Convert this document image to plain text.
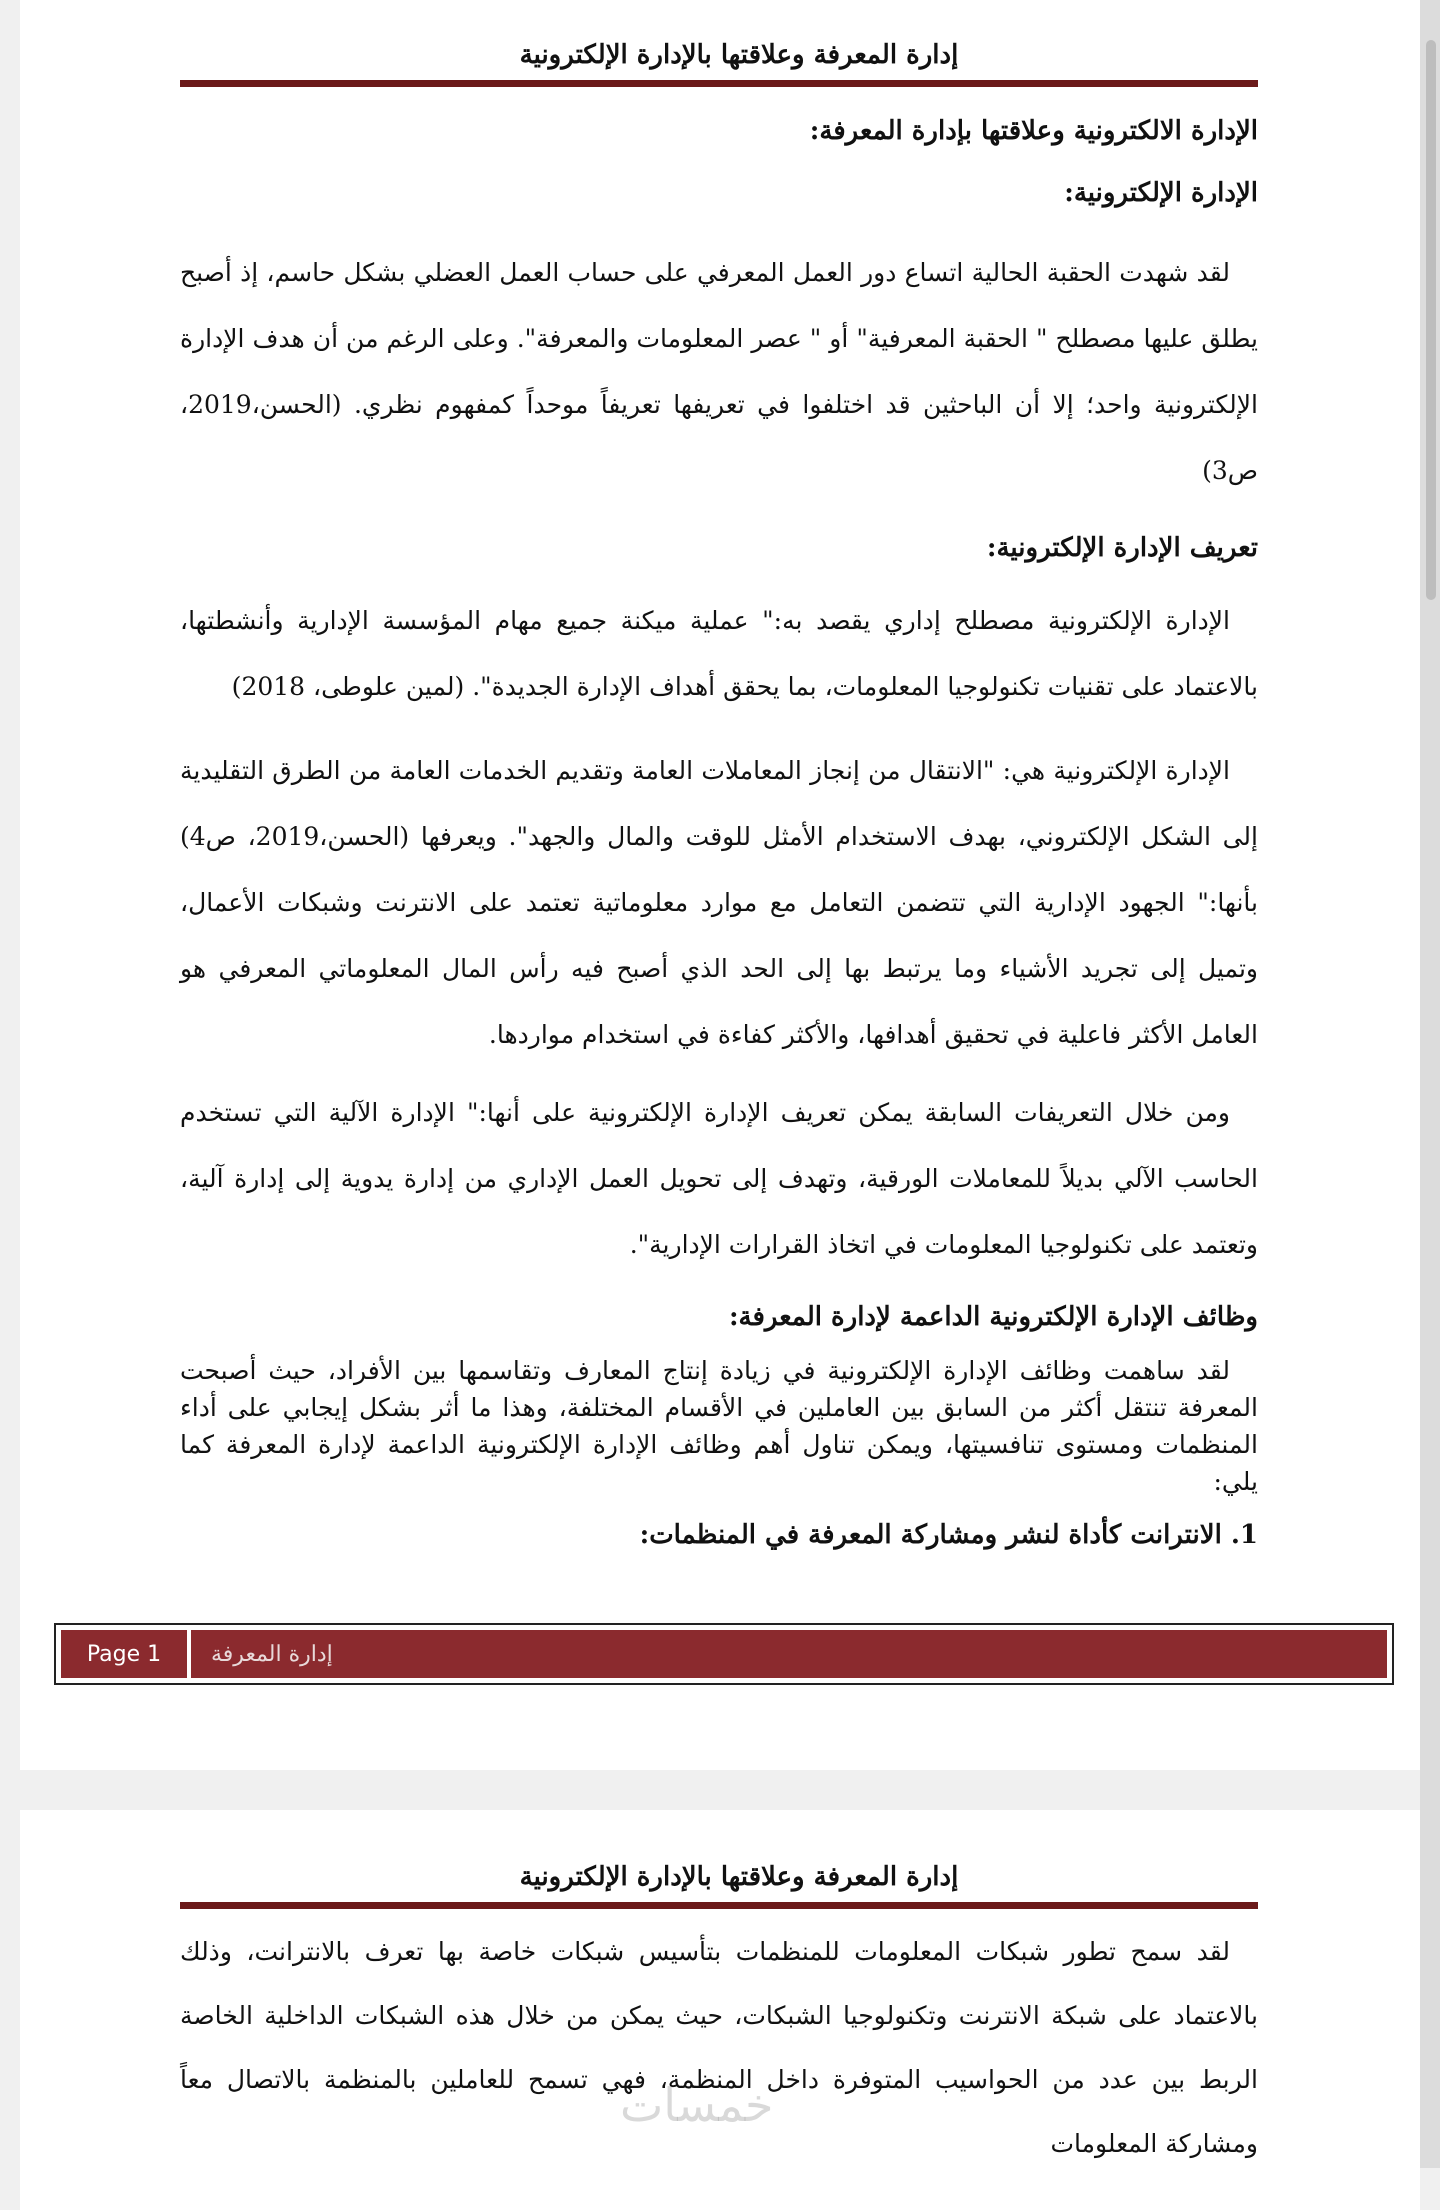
إدارة المعرفة وعلاقتها بالإدارة الإلكترونية

الإدارة الالكترونية وعلاقتها بإدارة المعرفة:

الإدارة الإلكترونية:

لقد شهدت الحقبة الحالية اتساع دور العمل المعرفي على حساب العمل العضلي بشكل حاسم، إذ أصبح يطلق عليها مصطلح " الحقبة المعرفية" أو " عصر المعلومات والمعرفة". وعلى الرغم من أن هدف الإدارة الإلكترونية واحد؛ إلا أن الباحثين قد اختلفوا في تعريفها تعريفاً موحداً كمفهوم نظري. (الحسن،2019، ص3)

تعريف الإدارة الإلكترونية:

الإدارة الإلكترونية مصطلح إداري يقصد به:" عملية ميكنة جميع مهام المؤسسة الإدارية وأنشطتها، بالاعتماد على تقنيات تكنولوجيا المعلومات، بما يحقق أهداف الإدارة الجديدة". (لمين علوطى، 2018)

الإدارة الإلكترونية هي: "الانتقال من إنجاز المعاملات العامة وتقديم الخدمات العامة من الطرق التقليدية إلى الشكل الإلكتروني، بهدف الاستخدام الأمثل للوقت والمال والجهد". ويعرفها (الحسن،2019، ص4) بأنها:" الجهود الإدارية التي تتضمن التعامل مع موارد معلوماتية تعتمد على الانترنت وشبكات الأعمال، وتميل إلى تجريد الأشياء وما يرتبط بها إلى الحد الذي أصبح فيه رأس المال المعلوماتي المعرفي هو العامل الأكثر فاعلية في تحقيق أهدافها، والأكثر كفاءة في استخدام مواردها.

ومن خلال التعريفات السابقة يمكن تعريف الإدارة الإلكترونية على أنها:" الإدارة الآلية التي تستخدم الحاسب الآلي بديلاً للمعاملات الورقية، وتهدف إلى تحويل العمل الإداري من إدارة يدوية إلى إدارة آلية، وتعتمد على تكنولوجيا المعلومات في اتخاذ القرارات الإدارية".

وظائف الإدارة الإلكترونية الداعمة لإدارة المعرفة:

لقد ساهمت وظائف الإدارة الإلكترونية في زيادة إنتاج المعارف وتقاسمها بين الأفراد، حيث أصبحت المعرفة تنتقل أكثر من السابق بين العاملين في الأقسام المختلفة، وهذا ما أثر بشكل إيجابي على أداء المنظمات ومستوى تنافسيتها، ويمكن تناول أهم وظائف الإدارة الإلكترونية الداعمة لإدارة المعرفة كما يلي:

1. الانترانت كأداة لنشر ومشاركة المعرفة في المنظمات:

Page 1	إدارة المعرفة
إدارة المعرفة وعلاقتها بالإدارة الإلكترونية

لقد سمح تطور شبكات المعلومات للمنظمات بتأسيس شبكات خاصة بها تعرف بالانترانت، وذلك بالاعتماد على شبكة الانترنت وتكنولوجيا الشبكات، حيث يمكن من خلال هذه الشبكات الداخلية الخاصة الربط بين عدد من الحواسيب المتوفرة داخل المنظمة، فهي تسمح للعاملين بالمنظمة بالاتصال معاً ومشاركة المعلومات

خمسات
